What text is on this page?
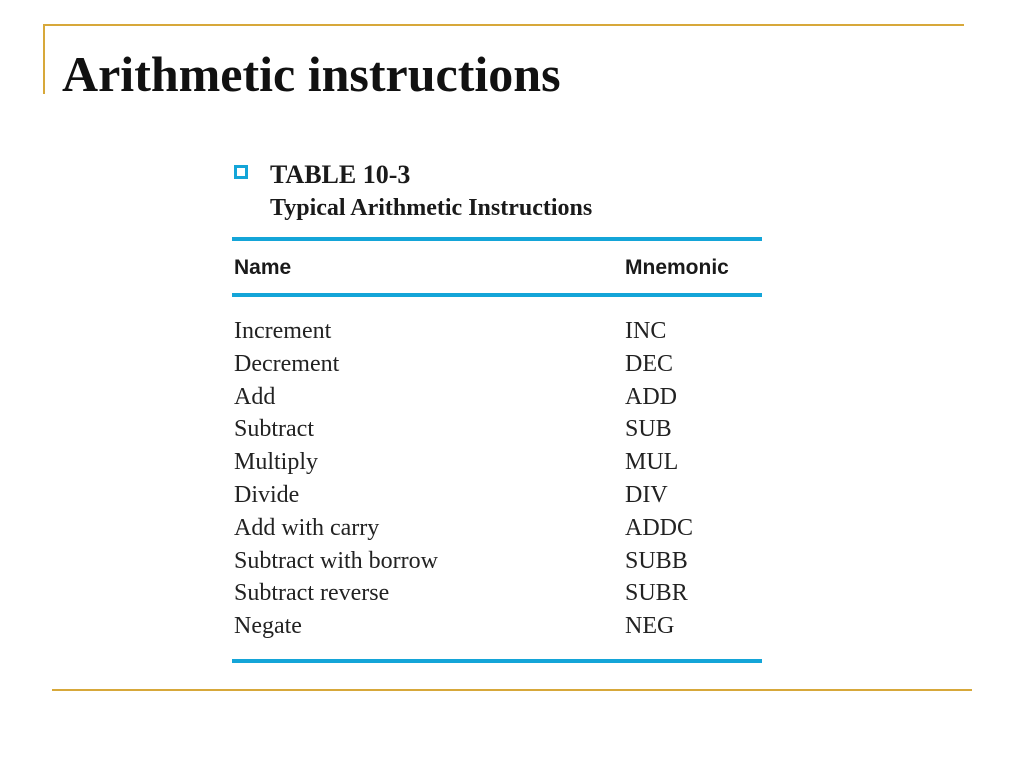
Arithmetic instructions
TABLE 10-3
Typical Arithmetic Instructions
Name	Mnemonic
Increment	INC
Decrement	DEC
Add	ADD
Subtract	SUB
Multiply	MUL
Divide	DIV
Add with carry	ADDC
Subtract with borrow	SUBB
Subtract reverse	SUBR
Negate	NEG
